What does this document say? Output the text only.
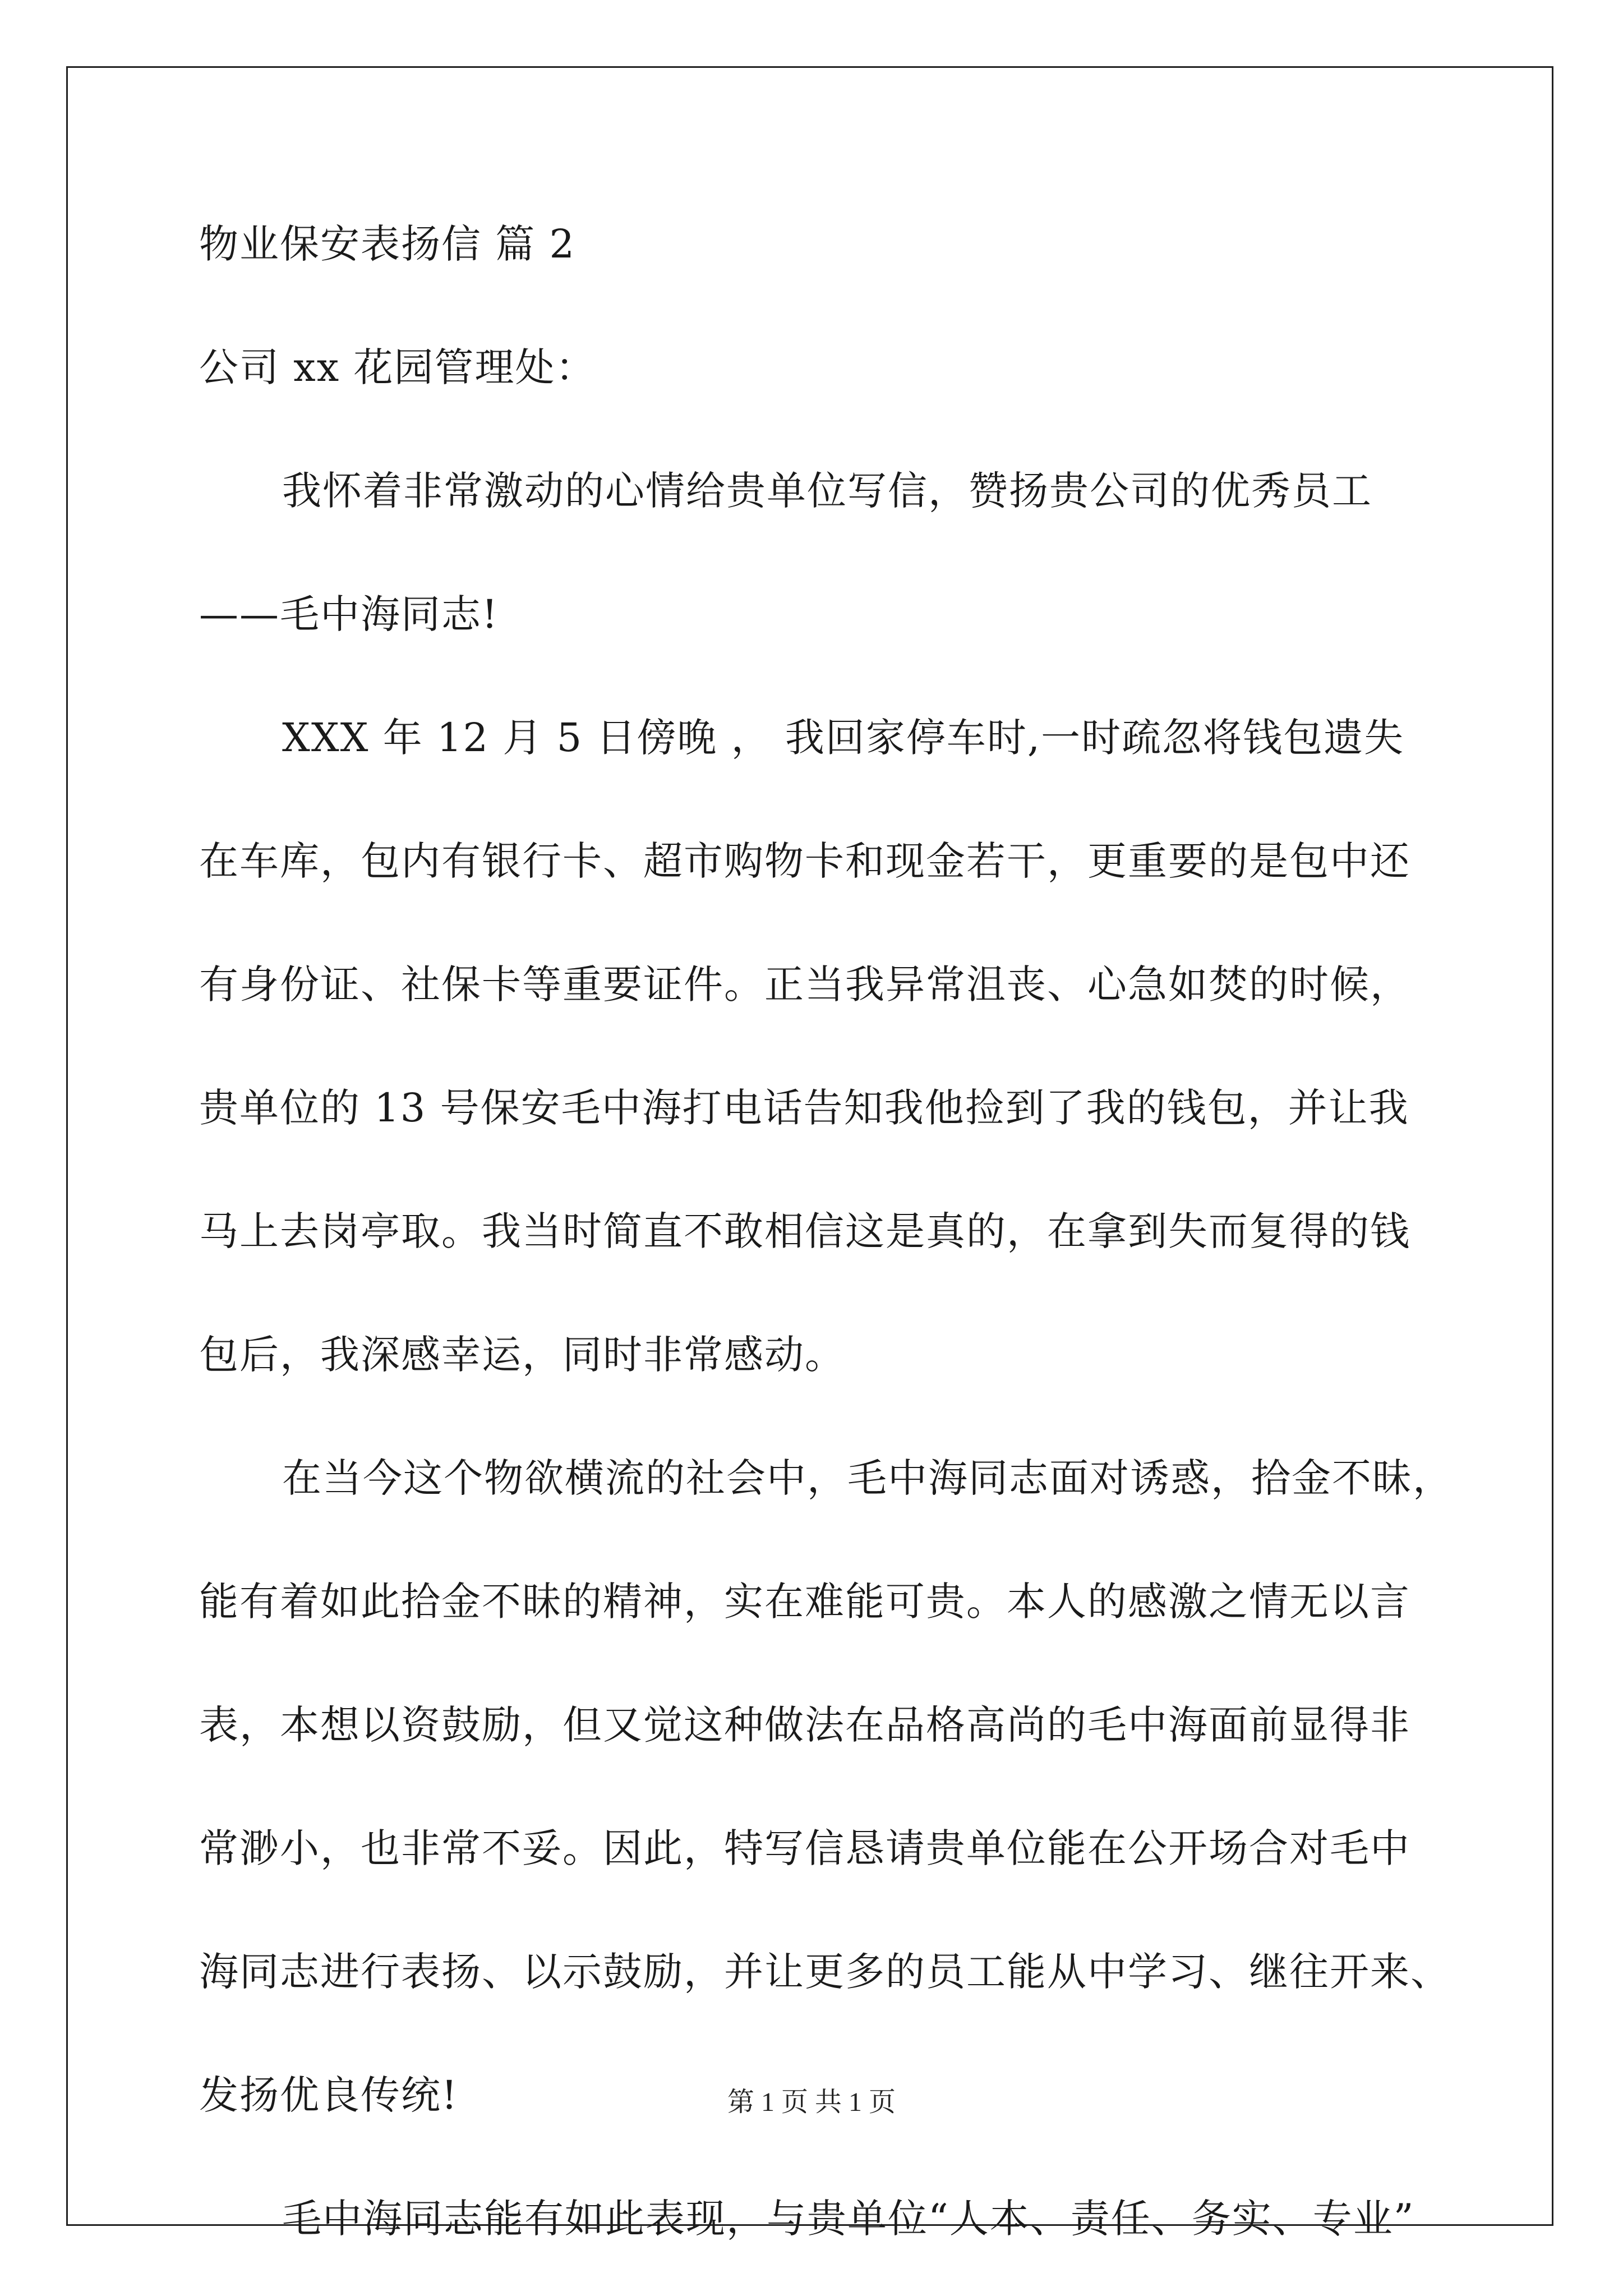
物业保安表扬信 篇 2
公司 xx 花园管理处：
我怀着非常激动的心情给贵单位写信，赞扬贵公司的优秀员工
——毛中海同志!
XXX 年 12 月 5 日傍晚 ， 我回家停车时,一时疏忽将钱包遗失
在车库，包内有银行卡、超市购物卡和现金若干，更重要的是包中还
有身份证、社保卡等重要证件。正当我异常沮丧、心急如焚的时候，
贵单位的 13 号保安毛中海打电话告知我他捡到了我的钱包，并让我
马上去岗亭取。我当时简直不敢相信这是真的，在拿到失而复得的钱
包后，我深感幸运，同时非常感动。
在当今这个物欲横流的社会中，毛中海同志面对诱惑，拾金不昧，
能有着如此拾金不昧的精神，实在难能可贵。本人的感激之情无以言
表，本想以资鼓励，但又觉这种做法在品格高尚的毛中海面前显得非
常渺小，也非常不妥。因此，特写信恳请贵单位能在公开场合对毛中
海同志进行表扬、以示鼓励，并让更多的员工能从中学习、继往开来、
发扬优良传统!
毛中海同志能有如此表现，与贵单位“人本、责任、务实、专业”
第 1 页 共 1 页
